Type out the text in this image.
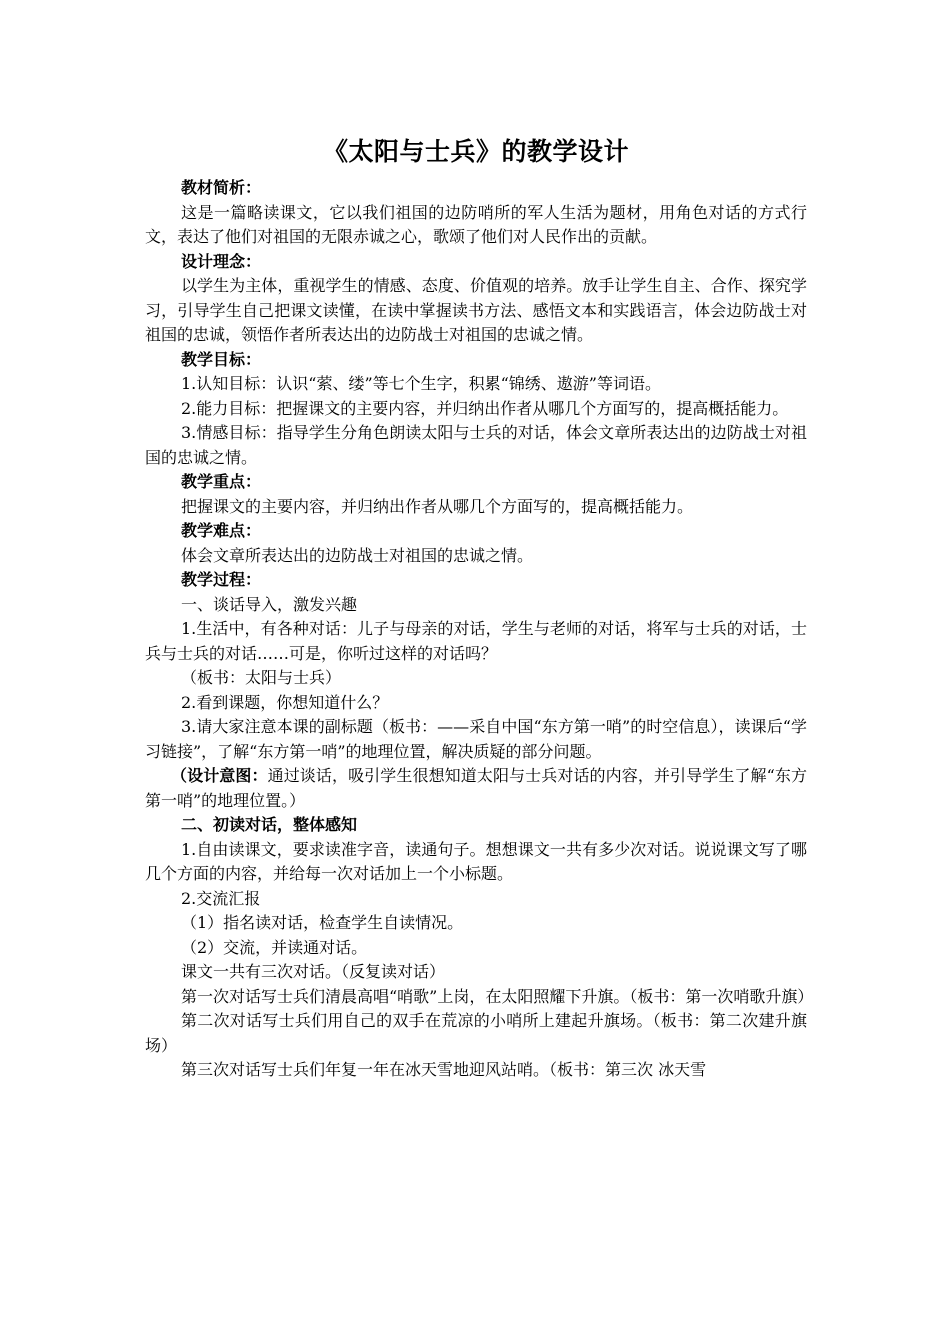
《太阳与士兵》的教学设计

教材简析：

这是一篇略读课文，它以我们祖国的边防哨所的军人生活为题材，用角色对话的方式行文，表达了他们对祖国的无限赤诚之心，歌颂了他们对人民作出的贡献。

设计理念：

以学生为主体，重视学生的情感、态度、价值观的培养。放手让学生自主、合作、探究学习，引导学生自己把课文读懂，在读中掌握读书方法、感悟文本和实践语言，体会边防战士对祖国的忠诚，领悟作者所表达出的边防战士对祖国的忠诚之情。

教学目标：

1.认知目标：认识“萦、缕”等七个生字，积累“锦绣、遨游”等词语。

2.能力目标：把握课文的主要内容，并归纳出作者从哪几个方面写的，提高概括能力。

3.情感目标：指导学生分角色朗读太阳与士兵的对话，体会文章所表达出的边防战士对祖国的忠诚之情。

教学重点：

把握课文的主要内容，并归纳出作者从哪几个方面写的，提高概括能力。

教学难点：

体会文章所表达出的边防战士对祖国的忠诚之情。

教学过程：

一、谈话导入，激发兴趣

1.生活中，有各种对话：儿子与母亲的对话，学生与老师的对话，将军与士兵的对话，士兵与士兵的对话……可是，你听过这样的对话吗？

（板书：太阳与士兵）

2.看到课题，你想知道什么？

3.请大家注意本课的副标题（板书：——采自中国“东方第一哨”的时空信息），读课后“学习链接”，了解“东方第一哨”的地理位置，解决质疑的部分问题。

（设计意图：通过谈话，吸引学生很想知道太阳与士兵对话的内容，并引导学生了解“东方第一哨”的地理位置。）

二、初读对话，整体感知

1.自由读课文，要求读准字音，读通句子。想想课文一共有多少次对话。说说课文写了哪几个方面的内容，并给每一次对话加上一个小标题。

2.交流汇报

（1）指名读对话，检查学生自读情况。

（2）交流，并读通对话。

课文一共有三次对话。（反复读对话）

第一次对话写士兵们清晨高唱“哨歌”上岗，在太阳照耀下升旗。（板书：第一次哨歌升旗）

第二次对话写士兵们用自己的双手在荒凉的小哨所上建起升旗场。（板书：第二次建升旗场）

第三次对话写士兵们年复一年在冰天雪地迎风站哨。（板书：第三次 冰天雪
